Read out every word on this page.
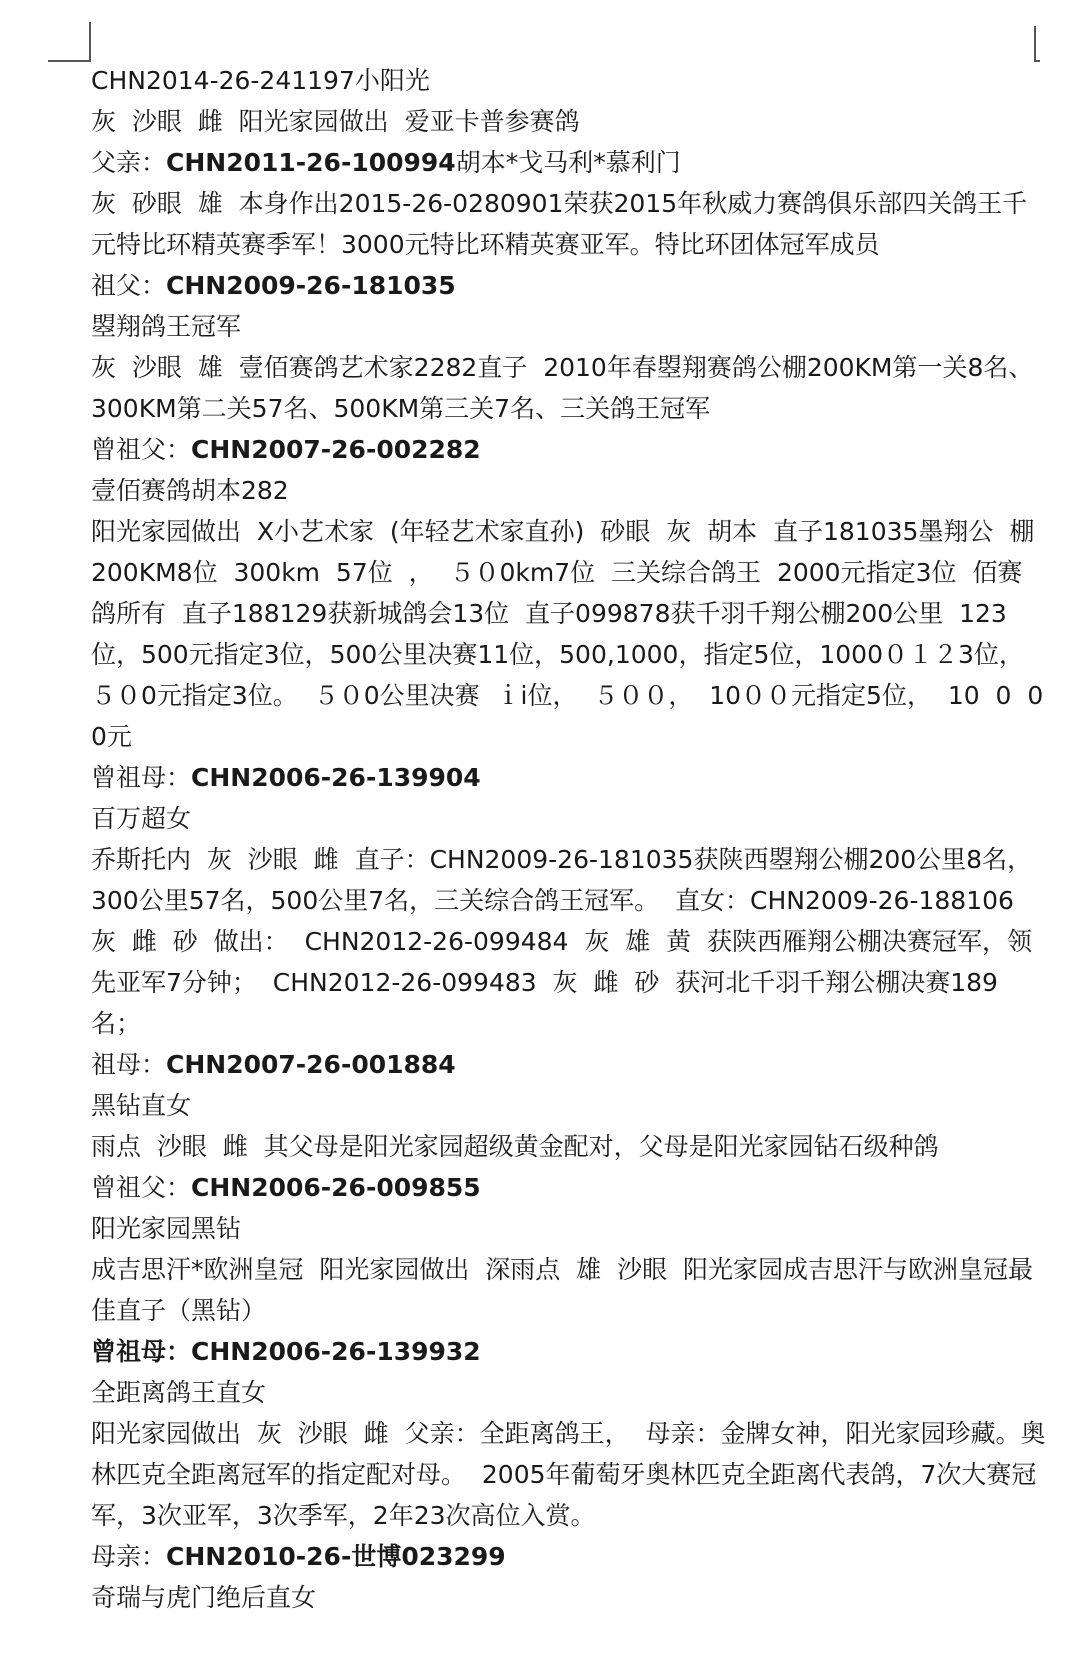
CHN2014-26-241197小阳光

灰  沙眼  雌  阳光家园做出  爱亚卡普参赛鸽

父亲：CHN2011-26-100994胡本*戈马利*慕利门

灰  砂眼  雄  本身作出2015-26-0280901荣获2015年秋威力赛鸽俱乐部四关鸽王千元特比环精英赛季军！3000元特比环精英赛亚军。特比环团体冠军成员

祖父：CHN2009-26-181035

曌翔鸽王冠军

灰  沙眼  雄  壹佰赛鸽艺术家2282直子  2010年春曌翔赛鸽公棚200KM第一关8名、300KM第二关57名、500KM第三关7名、三关鸽王冠军

曾祖父：CHN2007-26-002282

壹佰赛鸽胡本282

阳光家园做出  X小艺术家  (年轻艺术家直孙)  砂眼  灰  胡本  直子181035墨翔公  棚  200KM8位  300km  57位  ，  ５０0km7位  三关综合鸽王  2000元指定3位  佰赛鸽所有  直子188129获新城鸽会13位  直子099878获千羽千翔公棚200公里  123位，500元指定3位，500公里决赛11位，500,1000，指定5位，1000０１２3位，  ５０0元指定3位。  ５０0公里决赛  ｉi位，  ５００，  10００元指定5位，  10  0  00元

曾祖母：CHN2006-26-139904

百万超女

乔斯托内  灰  沙眼  雌  直子：CHN2009-26-181035获陕西曌翔公棚200公里8名，300公里57名，500公里7名，三关综合鸽王冠军。  直女：CHN2009-26-188106  灰  雌  砂  做出：  CHN2012-26-099484  灰  雄  黄  获陕西雁翔公棚决赛冠军，领先亚军7分钟；  CHN2012-26-099483  灰  雌  砂  获河北千羽千翔公棚决赛189名；

祖母：CHN2007-26-001884

黑钻直女

雨点  沙眼  雌  其父母是阳光家园超级黄金配对，父母是阳光家园钻石级种鸽

曾祖父：CHN2006-26-009855

阳光家园黑钻

成吉思汗*欧洲皇冠  阳光家园做出  深雨点  雄  沙眼  阳光家园成吉思汗与欧洲皇冠最佳直子（黑钻）

曾祖母：CHN2006-26-139932

全距离鸽王直女

阳光家园做出  灰  沙眼  雌  父亲：全距离鸽王，  母亲：金牌女神，阳光家园珍藏。奥林匹克全距离冠军的指定配对母。  2005年葡萄牙奥林匹克全距离代表鸽，7次大赛冠军，3次亚军，3次季军，2年23次高位入赏。

母亲：CHN2010-26-世博023299

奇瑞与虎门绝后直女
